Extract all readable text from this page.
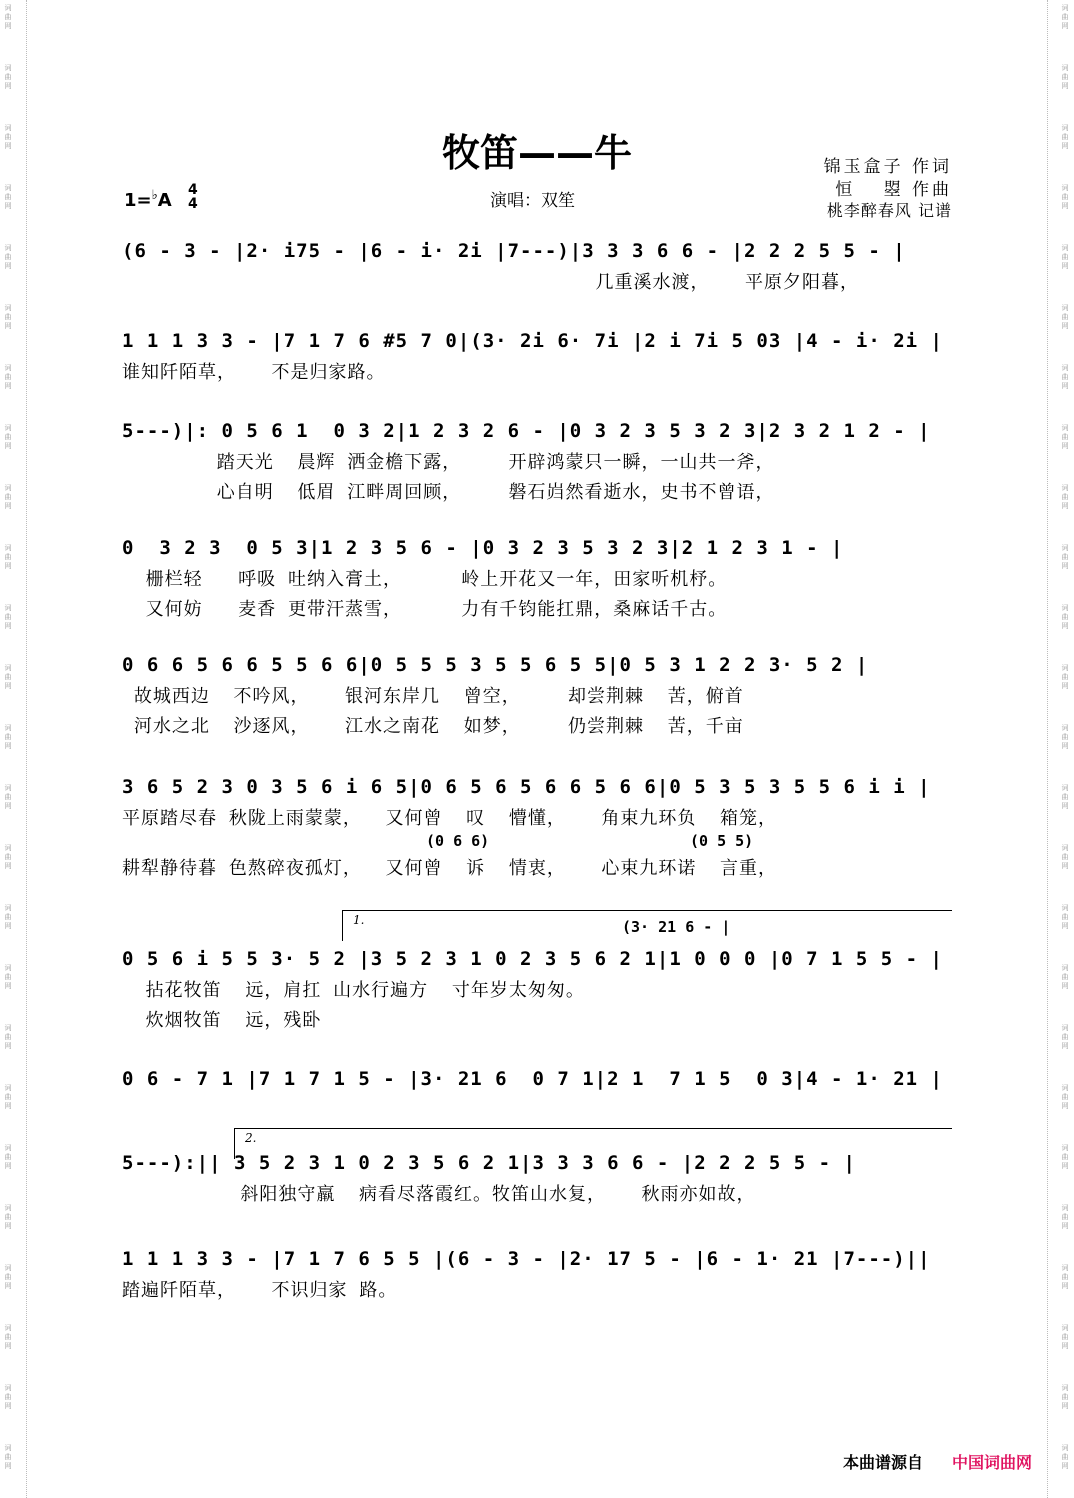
词曲网
词曲网
词曲网
词曲网
词曲网
词曲网
词曲网
词曲网
词曲网
词曲网
词曲网
词曲网
词曲网
词曲网
词曲网
词曲网
词曲网
词曲网
词曲网
词曲网
词曲网
词曲网
词曲网
词曲网
词曲网
词曲网
词曲网
词曲网
词曲网
词曲网
词曲网
词曲网
词曲网
词曲网
词曲网
词曲网
词曲网
词曲网
词曲网
词曲网
词曲网
词曲网
词曲网
词曲网
词曲网
词曲网
词曲网
词曲网
词曲网
词曲网
牧笛——牛	锦玉盒子 作词
恒　 曌 作曲
桃李醉春风 记谱
1=♭A 4
4	演唱：双笙
(6 - 3 - |2· i75 - |6 - i· 2i |7---)|3 3 3 6 6 - |2 2 2 5 5 - |
几重溪水渡，   平原夕阳暮，
1 1 1 3 3 - |7 1 7 6 #5 7 0|(3· 2i 6· 7i |2 i 7i 5 03 |4 - i· 2i |
谁知阡陌草，   不是归家路。
5---)|: 0 5 6 1  0 3 2|1 2 3 2 6 - |0 3 2 3 5 3 2 3|2 3 2 1 2 - |
踏天光  晨辉 洒金檐下露，    开辟鸿蒙只一瞬，一山共一斧，
心自明  低眉 江畔周回顾，    磐石岿然看逝水，史书不曾语，
0  3 2 3  0 5 3|1 2 3 5 6 - |0 3 2 3 5 3 2 3|2 1 2 3 1 - |
栅栏轻   呼吸 吐纳入膏土，     岭上开花又一年，田家听机杼。
又何妨   麦香 更带汗蒸雪，     力有千钧能扛鼎，桑麻话千古。
0 6 6 5 6 6 5 5 6 6|0 5 5 5 3 5 5 6 5 5|0 5 3 1 2 2 3· 5 2 |
故城西边  不吟风，   银河东岸几  曾空，    却尝荆棘  苦，俯首
河水之北  沙逐风，   江水之南花  如梦，    仍尝荆棘  苦，千亩
3 6 5 2 3 0 3 5 6 i 6 5|0 6 5 6 5 6 6 5 6 6|0 5 3 5 3 5 5 6 i i |
平原踏尽春 秋陇上雨蒙蒙，  又何曾  叹  懵懂，   角束九环负  箱笼，
耕犁静待暮 色熬碎夜孤灯，  又何曾  诉  情衷，   心束九环诺  言重，
(0 6 6)	(0 5 5)
0 5 6 i 5 5 3· 5 2 |3 5 2 3 1 0 2 3 5 6 2 1|1 0 0 0 |0 7 1 5 5 - |
拈花牧笛  远，肩扛 山水行遍方  寸年岁太匆匆。
炊烟牧笛  远，残卧
(3· 21 6 - |
1.
0 6 - 7 1 |7 1 7 1 5 - |3· 21 6  0 7 1|2 1  7 1 5  0 3|4 - 1· 21 |
5---):|| 3 5 2 3 1 0 2 3 5 6 2 1|3 3 3 6 6 - |2 2 2 5 5 - |
斜阳独守羸  病看尽落霞红。牧笛山水复，   秋雨亦如故，
2.
1 1 1 3 3 - |7 1 7 6 5 5 |(6 - 3 - |2· 17 5 - |6 - 1· 21 |7---)||
踏遍阡陌草，   不识归家 路。
本曲谱源自 中国词曲网
